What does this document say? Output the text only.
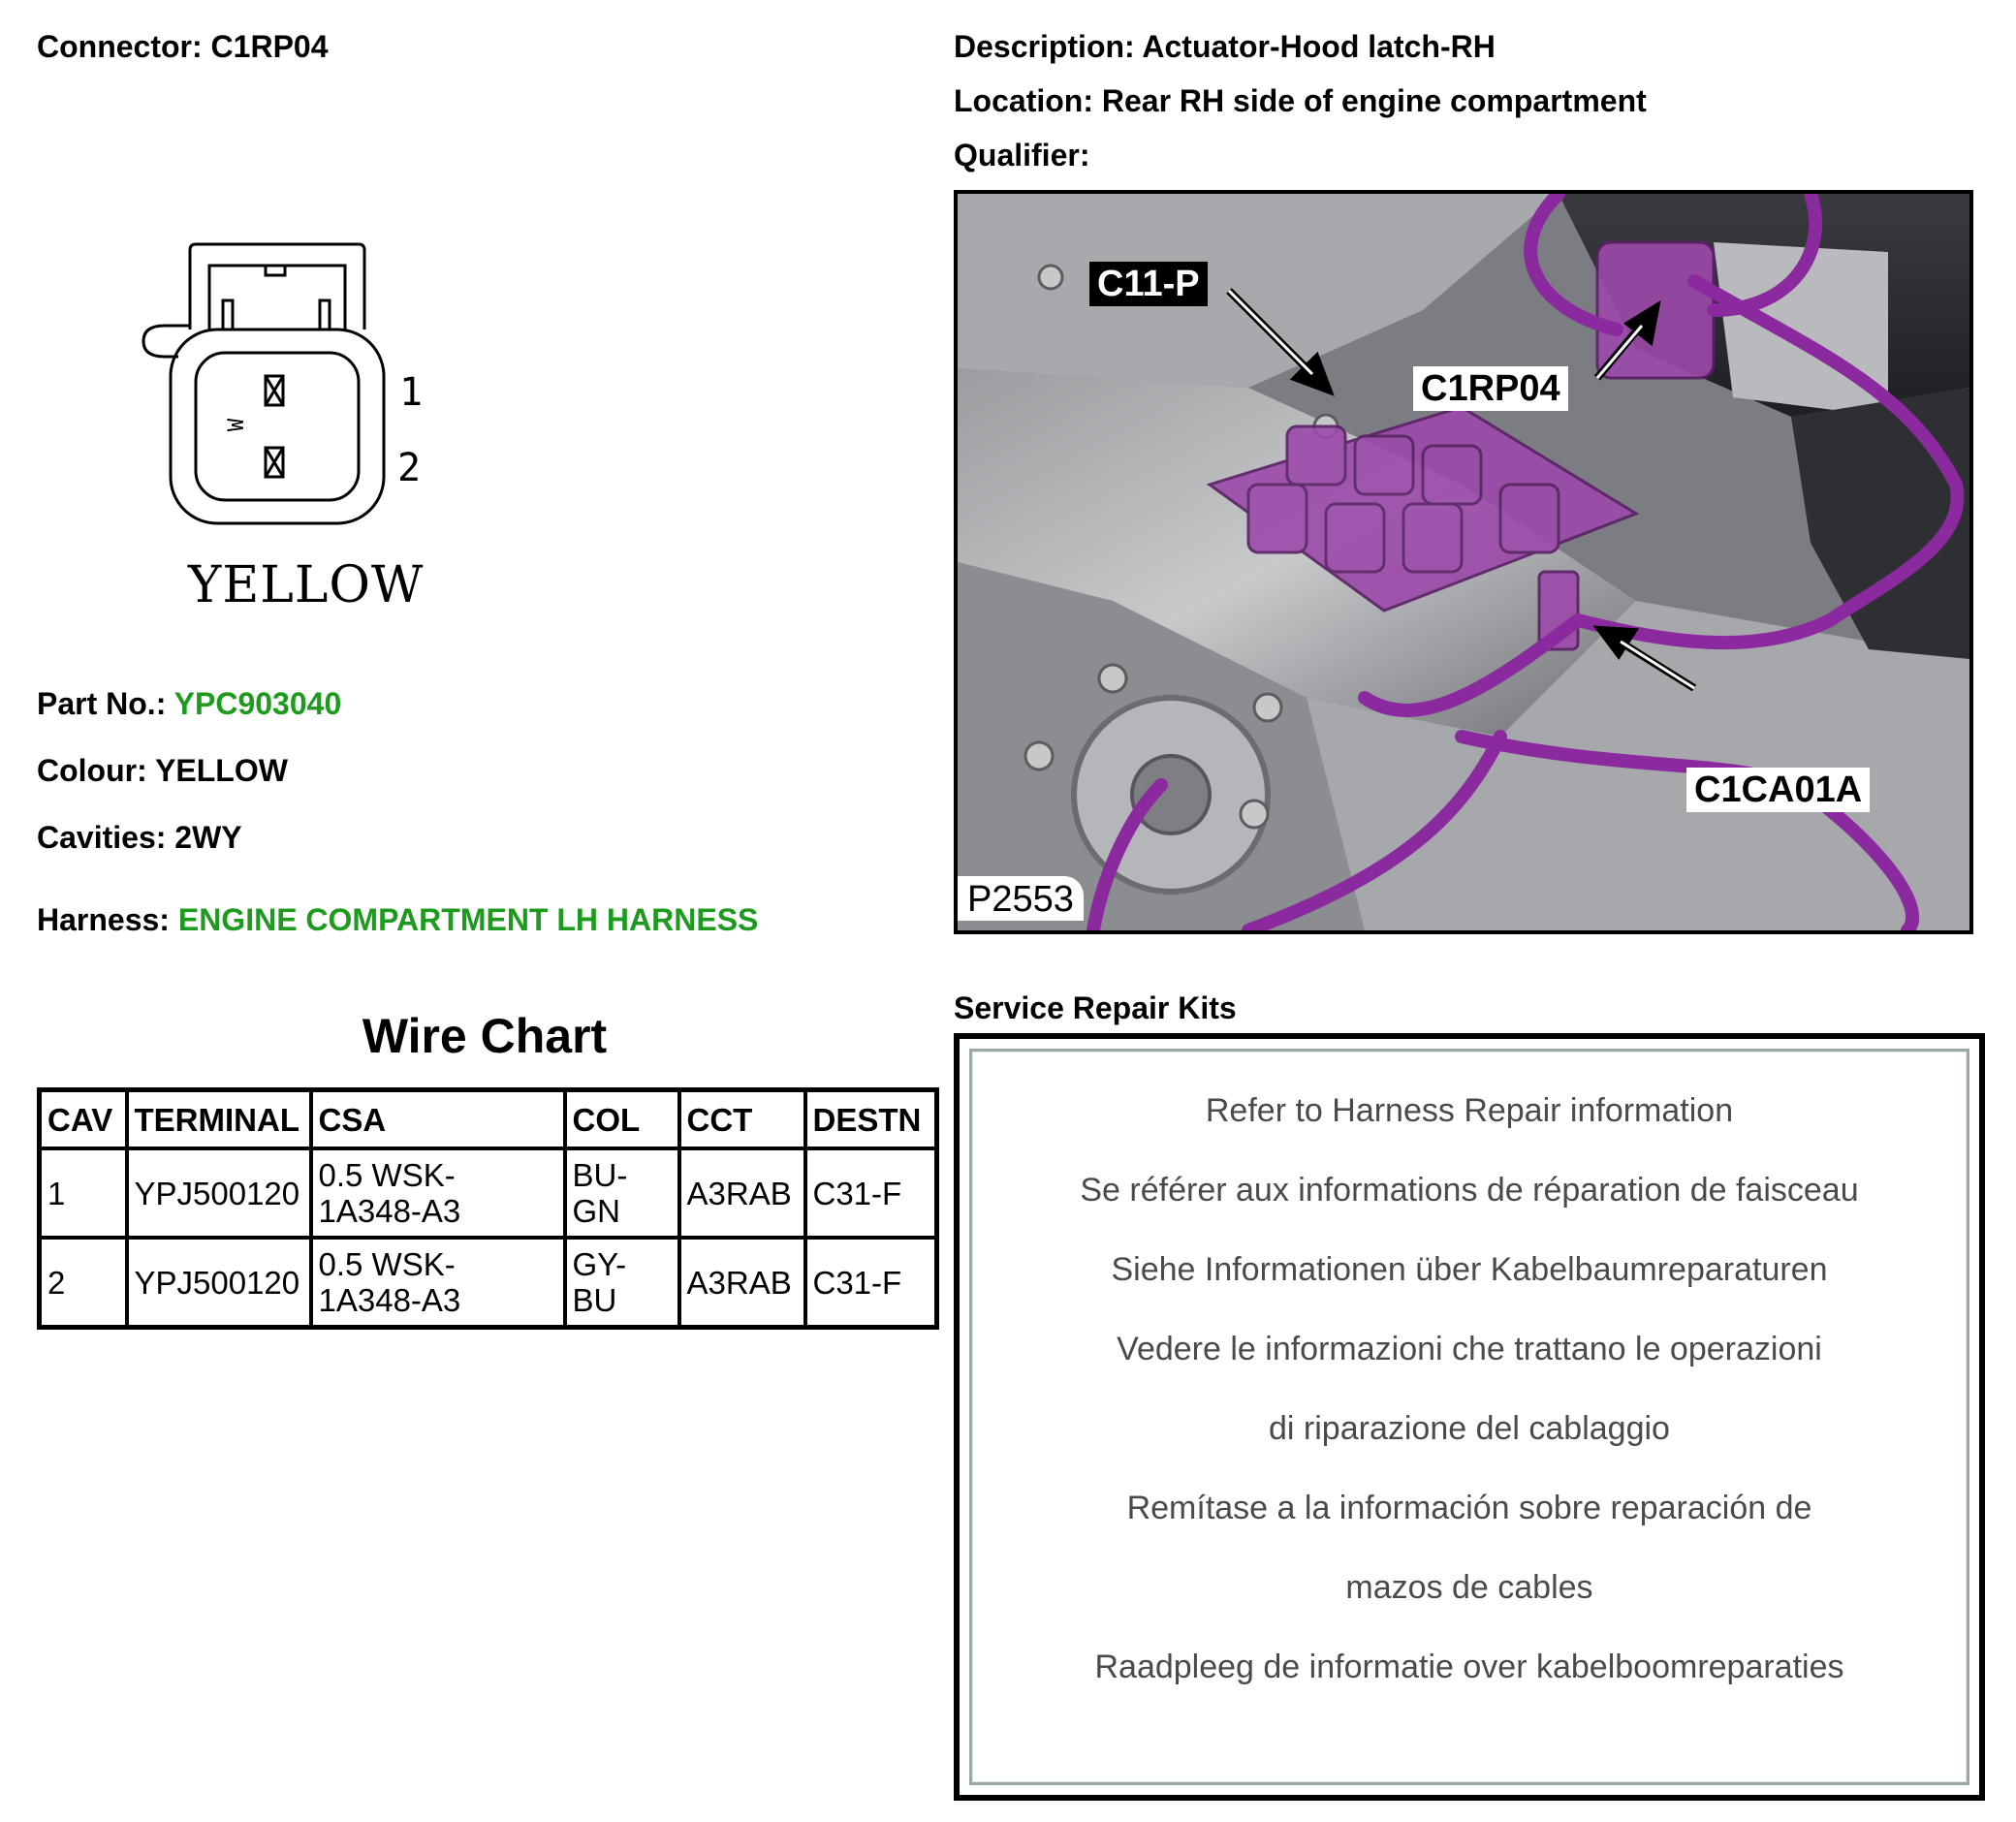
Connector: C1RP04	Description: Actuator-Hood latch-RH
Location: Rear RH side of engine compartment
Qualifier:
1
2
W
YELLOW
Part No.: YPC903040
Colour: YELLOW
Cavities: 2WY
Harness: ENGINE COMPARTMENT LH HARNESS
Wire Chart
CAV	TERMINAL	CSA	COL	CCT	DESTN
1	YPJ500120	0.5 WSK-
1A348-A3	BU-
GN	A3RAB	C31-F
2	YPJ500120	0.5 WSK-
1A348-A3	GY-
BU	A3RAB	C31-F
C11-P
C1RP04
C1CA01A
P2553
Service Repair Kits
Refer to Harness Repair information
Se référer aux informations de réparation de faisceau
Siehe Informationen über Kabelbaumreparaturen
Vedere le informazioni che trattano le operazioni
di riparazione del cablaggio
Remítase a la información sobre reparación de
mazos de cables
Raadpleeg de informatie over kabelboomreparaties
